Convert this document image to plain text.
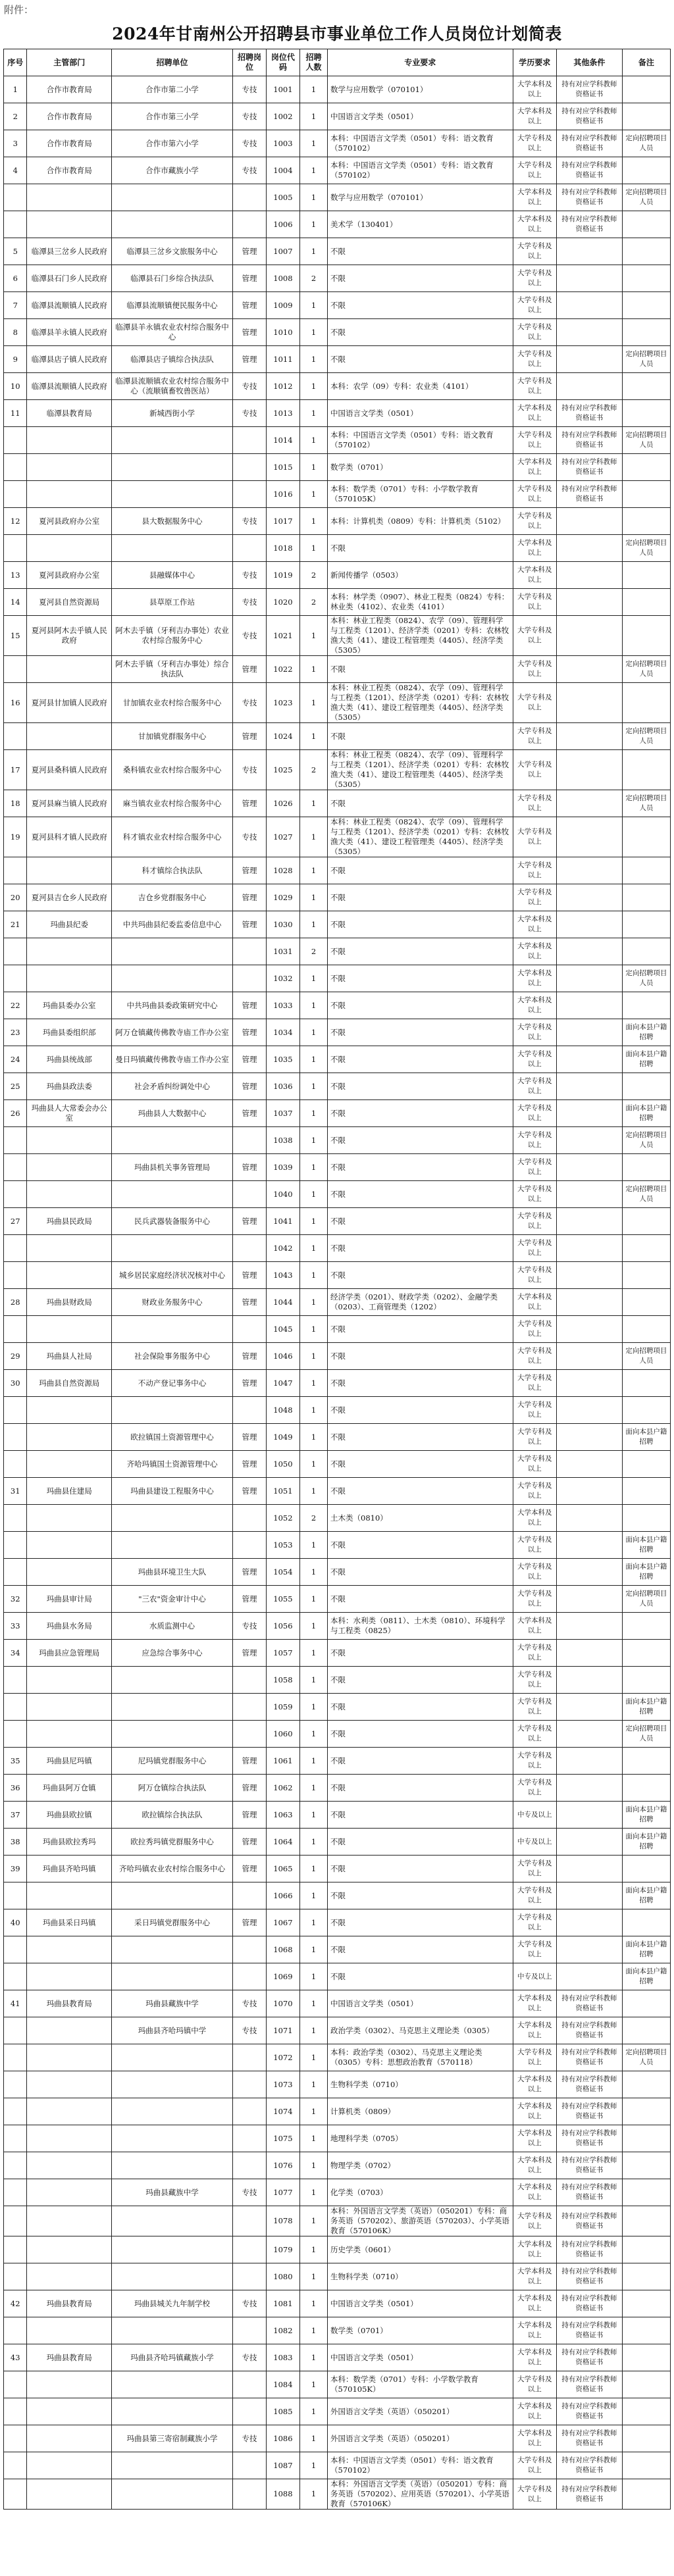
附件：
2024年甘南州公开招聘县市事业单位工作人员岗位计划简表
序号	主管部门	招聘单位	招聘岗位	岗位代码	招聘人数	专业要求	学历要求	其他条件	备注
1	合作市教育局	合作市第二小学	专技	1001	1	数学与应用数学（070101）	大学本科及以上	持有对应学科教师资格证书	
2	合作市教育局	合作市第三小学	专技	1002	1	中国语言文学类（0501）	大学本科及以上	持有对应学科教师资格证书	
3	合作市教育局	合作市第六小学	专技	1003	1	本科：中国语言文学类（0501）专科：语文教育（570102）	大学专科及以上	持有对应学科教师资格证书	定向招聘项目人员
4	合作市教育局	合作市藏族小学	专技	1004	1	本科：中国语言文学类（0501）专科：语文教育（570102）	大学专科及以上	持有对应学科教师资格证书	
				1005	1	数学与应用数学（070101）	大学本科及以上	持有对应学科教师资格证书	定向招聘项目人员
				1006	1	美术学（130401）	大学本科及以上	持有对应学科教师资格证书	
5	临潭县三岔乡人民政府	临潭县三岔乡文旅服务中心	管理	1007	1	不限	大学专科及以上		
6	临潭县石门乡人民政府	临潭县石门乡综合执法队	管理	1008	2	不限	大学专科及以上		
7	临潭县流顺镇人民政府	临潭县流顺镇便民服务中心	管理	1009	1	不限	大学专科及以上		
8	临潭县羊永镇人民政府	临潭县羊永镇农业农村综合服务中心	管理	1010	1	不限	大学专科及以上		
9	临潭县店子镇人民政府	临潭县店子镇综合执法队	管理	1011	1	不限	大学专科及以上		定向招聘项目人员
10	临潭县流顺镇人民政府	临潭县流顺镇农业农村综合服务中心（流顺镇畜牧兽医站）	专技	1012	1	本科：农学（09）专科：农业类（4101）	大学专科及以上		
11	临潭县教育局	新城西街小学	专技	1013	1	中国语言文学类（0501）	大学本科及以上	持有对应学科教师资格证书	
				1014	1	本科：中国语言文学类（0501）专科：语文教育（570102）	大学专科及以上	持有对应学科教师资格证书	定向招聘项目人员
				1015	1	数学类（0701）	大学本科及以上	持有对应学科教师资格证书	
				1016	1	本科：数学类（0701）专科：小学数学教育（570105K）	大学专科及以上	持有对应学科教师资格证书	
12	夏河县政府办公室	县大数据服务中心	专技	1017	1	本科：计算机类（0809）专科：计算机类（5102）	大学专科及以上		
				1018	1	不限	大学本科及以上		定向招聘项目人员
13	夏河县政府办公室	县融媒体中心	专技	1019	2	新闻传播学（0503）	大学本科及以上		
14	夏河县自然资源局	县草原工作站	专技	1020	2	本科：林学类（0907）、林业工程类（0824）专科：林业类（4102）、农业类（4101）	大学专科及以上		
15	夏河县阿木去乎镇人民政府	阿木去乎镇（牙利吉办事处）农业农村综合服务中心	专技	1021	1	本科：林业工程类（0824）、农学（09）、管理科学与工程类（1201）、经济学类（0201）专科：农林牧渔大类（41）、建设工程管理类（4405）、经济学类（5305）	大学专科及以上		
		阿木去乎镇（牙利吉办事处）综合执法队	管理	1022	1	不限	大学专科及以上		定向招聘项目人员
16	夏河县甘加镇人民政府	甘加镇农业农村综合服务中心	专技	1023	1	本科：林业工程类（0824）、农学（09）、管理科学与工程类（1201）、经济学类（0201）专科：农林牧渔大类（41）、建设工程管理类（4405）、经济学类（5305）	大学专科及以上		
		甘加镇党群服务中心	管理	1024	1	不限	大学专科及以上		定向招聘项目人员
17	夏河县桑科镇人民政府	桑科镇农业农村综合服务中心	专技	1025	2	本科：林业工程类（0824）、农学（09）、管理科学与工程类（1201）、经济学类（0201）专科：农林牧渔大类（41）、建设工程管理类（4405）、经济学类（5305）	大学专科及以上		
18	夏河县麻当镇人民政府	麻当镇农业农村综合服务中心	管理	1026	1	不限	大学专科及以上		定向招聘项目人员
19	夏河县科才镇人民政府	科才镇农业农村综合服务中心	专技	1027	1	本科：林业工程类（0824）、农学（09）、管理科学与工程类（1201）、经济学类（0201）专科：农林牧渔大类（41）、建设工程管理类（4405）、经济学类（5305）	大学专科及以上		
		科才镇综合执法队	管理	1028	1	不限	大学专科及以上		
20	夏河县吉仓乡人民政府	吉仓乡党群服务中心	管理	1029	1	不限	大学专科及以上		
21	玛曲县纪委	中共玛曲县纪委监委信息中心	管理	1030	1	不限	大学本科及以上		
				1031	2	不限	大学本科及以上		
				1032	1	不限	大学本科及以上		定向招聘项目人员
22	玛曲县委办公室	中共玛曲县委政策研究中心	管理	1033	1	不限	大学本科及以上		
23	玛曲县委组织部	阿万仓镇藏传佛教寺庙工作办公室	管理	1034	1	不限	大学专科及以上		面向本县户籍招聘
24	玛曲县统战部	曼日玛镇藏传佛教寺庙工作办公室	管理	1035	1	不限	大学专科及以上		面向本县户籍招聘
25	玛曲县政法委	社会矛盾纠纷调处中心	管理	1036	1	不限	大学专科及以上		
26	玛曲县人大常委会办公室	玛曲县人大数据中心	管理	1037	1	不限	大学专科及以上		面向本县户籍招聘
				1038	1	不限	大学专科及以上		定向招聘项目人员
		玛曲县机关事务管理局	管理	1039	1	不限	大学专科及以上		
				1040	1	不限	大学专科及以上		定向招聘项目人员
27	玛曲县民政局	民兵武器装备服务中心	管理	1041	1	不限	大学专科及以上		
				1042	1	不限	大学专科及以上		
		城乡居民家庭经济状况核对中心	管理	1043	1	不限	大学专科及以上		
28	玛曲县财政局	财政业务服务中心	管理	1044	1	经济学类（0201）、财政学类（0202）、金融学类（0203）、工商管理类（1202）	大学本科及以上		
				1045	1	不限	大学专科及以上		
29	玛曲县人社局	社会保险事务服务中心	管理	1046	1	不限	大学专科及以上		定向招聘项目人员
30	玛曲县自然资源局	不动产登记事务中心	管理	1047	1	不限	大学专科及以上		
				1048	1	不限	大学专科及以上		
		欧拉镇国土资源管理中心	管理	1049	1	不限	大学专科及以上		面向本县户籍招聘
		齐哈玛镇国土资源管理中心	管理	1050	1	不限	大学专科及以上		
31	玛曲县住建局	玛曲县建设工程服务中心	管理	1051	1	不限	大学专科及以上		
				1052	2	土木类（0810）	大学本科及以上		
				1053	1	不限	大学专科及以上		面向本县户籍招聘
		玛曲县环境卫生大队	管理	1054	1	不限	大学专科及以上		面向本县户籍招聘
32	玛曲县审计局	"三农"资金审计中心	管理	1055	1	不限	大学专科及以上		定向招聘项目人员
33	玛曲县水务局	水质监测中心	专技	1056	1	本科：水利类（0811）、土木类（0810）、环境科学与工程类（0825）	大学本科及以上		
34	玛曲县应急管理局	应急综合事务中心	管理	1057	1	不限	大学专科及以上		
				1058	1	不限	大学专科及以上		
				1059	1	不限	大学专科及以上		面向本县户籍招聘
				1060	1	不限	大学专科及以上		定向招聘项目人员
35	玛曲县尼玛镇	尼玛镇党群服务中心	管理	1061	1	不限	大学专科及以上		
36	玛曲县阿万仓镇	阿万仓镇综合执法队	管理	1062	1	不限	大学专科及以上		
37	玛曲县欧拉镇	欧拉镇综合执法队	管理	1063	1	不限	中专及以上		面向本县户籍招聘
38	玛曲县欧拉秀玛	欧拉秀玛镇党群服务中心	管理	1064	1	不限	中专及以上		面向本县户籍招聘
39	玛曲县齐哈玛镇	齐哈玛镇农业农村综合服务中心	管理	1065	1	不限	大学专科及以上		
				1066	1	不限	大学专科及以上		面向本县户籍招聘
40	玛曲县采日玛镇	采日玛镇党群服务中心	管理	1067	1	不限	大学专科及以上		
				1068	1	不限	大学专科及以上		面向本县户籍招聘
				1069	1	不限	中专及以上		面向本县户籍招聘
41	玛曲县教育局	玛曲县藏族中学	专技	1070	1	中国语言文学类（0501）	大学本科及以上	持有对应学科教师资格证书	
		玛曲县齐哈玛镇中学	专技	1071	1	政治学类（0302）、马克思主义理论类（0305）	大学本科及以上	持有对应学科教师资格证书	
				1072	1	本科：政治学类（0302）、马克思主义理论类（0305）专科：思想政治教育（570118）	大学专科及以上	持有对应学科教师资格证书	定向招聘项目人员
				1073	1	生物科学类（0710）	大学本科及以上	持有对应学科教师资格证书	
				1074	1	计算机类（0809）	大学本科及以上	持有对应学科教师资格证书	
				1075	1	地理科学类（0705）	大学本科及以上	持有对应学科教师资格证书	
				1076	1	物理学类（0702）	大学本科及以上	持有对应学科教师资格证书	
		玛曲县藏族中学	专技	1077	1	化学类（0703）	大学本科及以上	持有对应学科教师资格证书	
				1078	1	本科：外国语言文学类（英语）（050201）专科：商务英语（570202）、旅游英语（570203）、小学英语教育（570106K）	大学专科及以上	持有对应学科教师资格证书	
				1079	1	历史学类（0601）	大学本科及以上	持有对应学科教师资格证书	
				1080	1	生物科学类（0710）	大学本科及以上	持有对应学科教师资格证书	
42	玛曲县教育局	玛曲县城关九年制学校	专技	1081	1	中国语言文学类（0501）	大学本科及以上	持有对应学科教师资格证书	
				1082	1	数学类（0701）	大学本科及以上	持有对应学科教师资格证书	
43	玛曲县教育局	玛曲县齐哈玛镇藏族小学	专技	1083	1	中国语言文学类（0501）	大学本科及以上	持有对应学科教师资格证书	
				1084	1	本科：数学类（0701）专科：小学数学教育（570105K）	大学专科及以上	持有对应学科教师资格证书	
				1085	1	外国语言文学类（英语）（050201）	大学本科及以上	持有对应学科教师资格证书	
		玛曲县第三寄宿制藏族小学	专技	1086	1	外国语言文学类（英语）（050201）	大学本科及以上	持有对应学科教师资格证书	
				1087	1	本科：中国语言文学类（0501）专科：语文教育（570102）	大学专科及以上	持有对应学科教师资格证书	
				1088	1	本科：外国语言文学类（英语）（050201）专科：商务英语（570202）、应用英语（570201）、小学英语教育（570106K）	大学专科及以上	持有对应学科教师资格证书	
